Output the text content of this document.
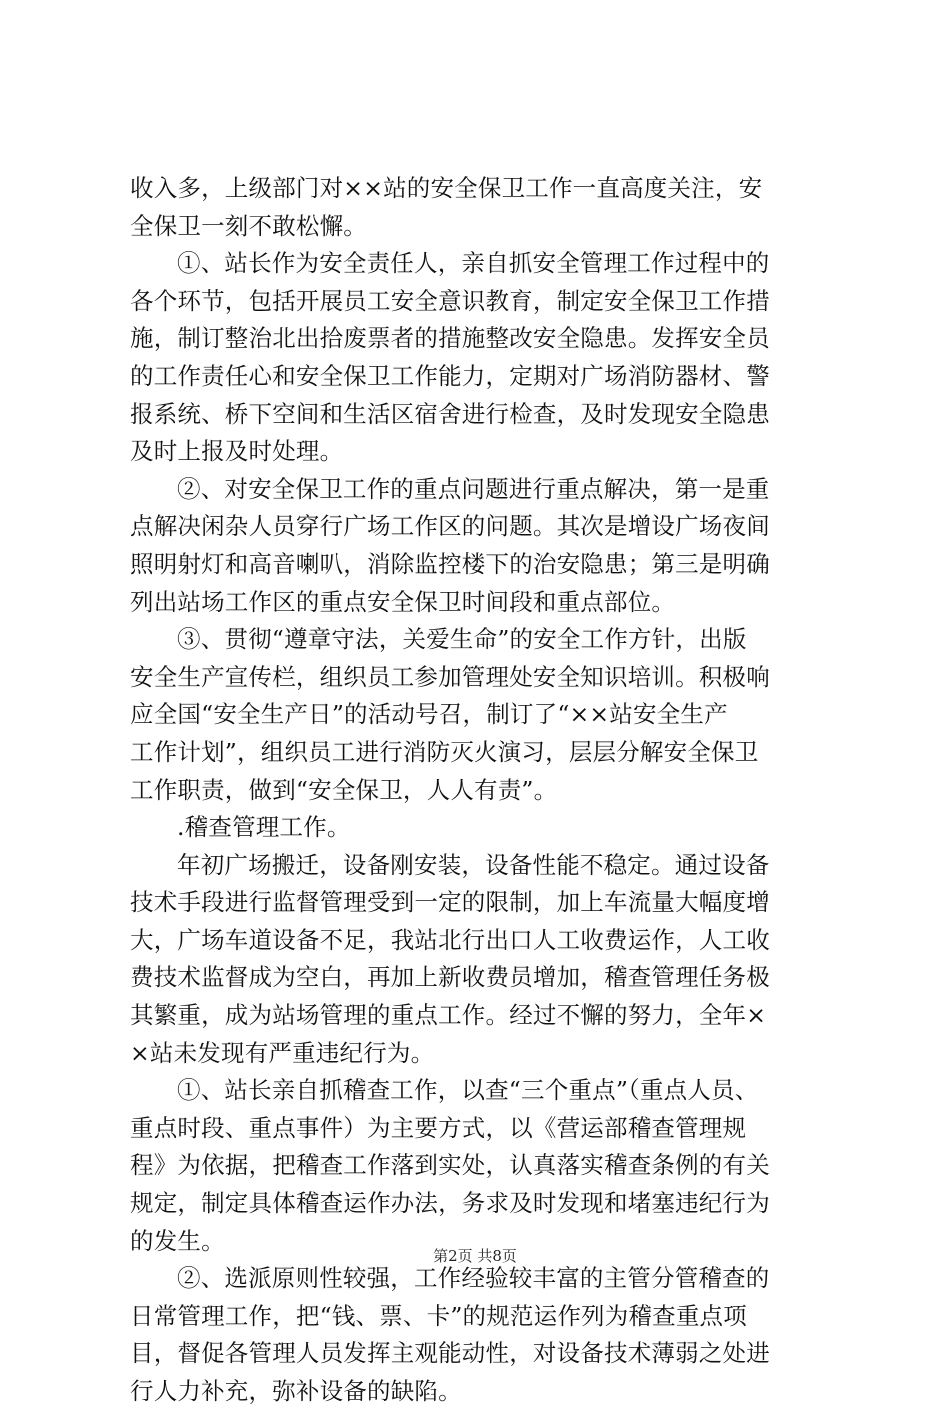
收入多，上级部门对××站的安全保卫工作一直高度关注，安
全保卫一刻不敢松懈。
①、站长作为安全责任人，亲自抓安全管理工作过程中的
各个环节，包括开展员工安全意识教育，制定安全保卫工作措
施，制订整治北出拾废票者的措施整改安全隐患。发挥安全员
的工作责任心和安全保卫工作能力，定期对广场消防器材、警
报系统、桥下空间和生活区宿舍进行检查，及时发现安全隐患
及时上报及时处理。
②、对安全保卫工作的重点问题进行重点解决，第一是重
点解决闲杂人员穿行广场工作区的问题。其次是增设广场夜间
照明射灯和高音喇叭，消除监控楼下的治安隐患；第三是明确
列出站场工作区的重点安全保卫时间段和重点部位。
③、贯彻“遵章守法，关爱生命”的安全工作方针，出版
安全生产宣传栏，组织员工参加管理处安全知识培训。积极响
应全国“安全生产日”的活动号召，制订了“××站安全生产
工作计划”，组织员工进行消防灭火演习，层层分解安全保卫
工作职责，做到“安全保卫，人人有责”。
.稽查管理工作。
年初广场搬迁，设备刚安装，设备性能不稳定。通过设备
技术手段进行监督管理受到一定的限制，加上车流量大幅度增
大，广场车道设备不足，我站北行出口人工收费运作，人工收
费技术监督成为空白，再加上新收费员增加，稽查管理任务极
其繁重，成为站场管理的重点工作。经过不懈的努力，全年×
×站未发现有严重违纪行为。
①、站长亲自抓稽查工作，以查“三个重点”（重点人员、
重点时段、重点事件）为主要方式，以《营运部稽查管理规
程》为依据，把稽查工作落到实处，认真落实稽查条例的有关
规定，制定具体稽查运作办法，务求及时发现和堵塞违纪行为
的发生。
②、选派原则性较强，工作经验较丰富的主管分管稽查的
日常管理工作，把“钱、票、卡”的规范运作列为稽查重点项
目，督促各管理人员发挥主观能动性，对设备技术薄弱之处进
行人力补充，弥补设备的缺陷。
第2页 共8页
